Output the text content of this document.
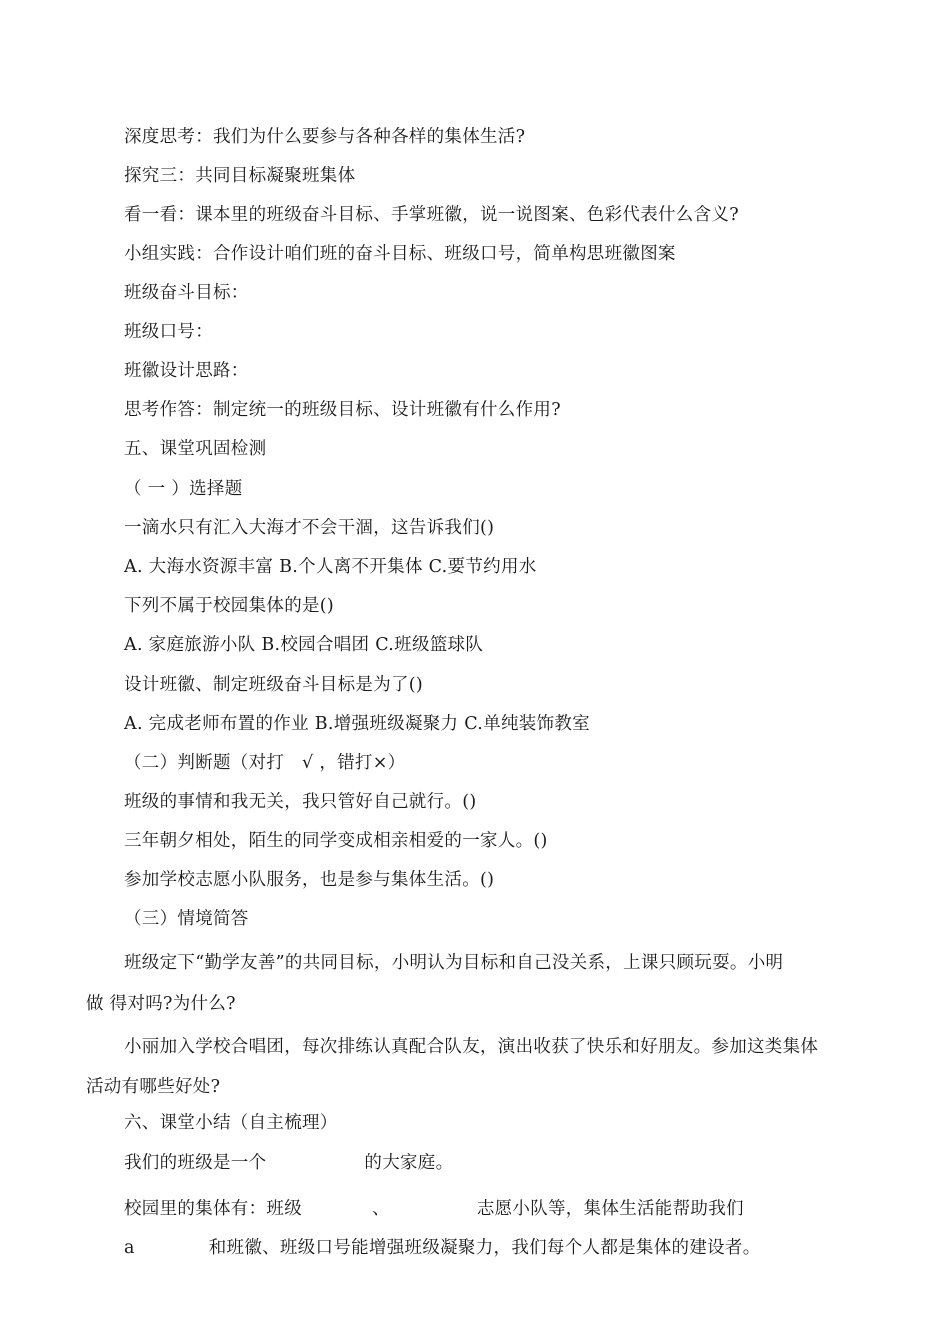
深度思考：我们为什么要参与各种各样的集体生活?
探究三：共同目标凝聚班集体
看一看：课本里的班级奋斗目标、手掌班徽，说一说图案、色彩代表什么含义?
小组实践：合作设计咱们班的奋斗目标、班级口号，简单构思班徽图案
班级奋斗目标：
班级口号：
班徽设计思路：
思考作答：制定统一的班级目标、设计班徽有什么作用?
五、课堂巩固检测
（ 一 ）选择题
一滴水只有汇入大海才不会干涸，这告诉我们()
A. 大海水资源丰富 B.个人离不开集体 C.要节约用水
下列不属于校园集体的是()
A. 家庭旅游小队 B.校园合唱团 C.班级篮球队
设计班徽、制定班级奋斗目标是为了()
A. 完成老师布置的作业 B.增强班级凝聚力 C.单纯装饰教室
（二）判断题（对打　√ ，错打×）
班级的事情和我无关，我只管好自己就行。()
三年朝夕相处，陌生的同学变成相亲相爱的一家人。()
参加学校志愿小队服务，也是参与集体生活。()
（三）情境简答
班级定下“勤学友善”的共同目标，小明认为目标和自己没关系，上课只顾玩耍。小明
做 得对吗?为什么?
小丽加入学校合唱团，每次排练认真配合队友，演出收获了快乐和好朋友。参加这类集体
活动有哪些好处?
六、课堂小结（自主梳理）
我们的班级是一个	的大家庭。
校园里的集体有：班级	、	志愿小队等，集体生活能帮助我们
a	和班徽、班级口号能增强班级凝聚力，我们每个人都是集体的建设者。
